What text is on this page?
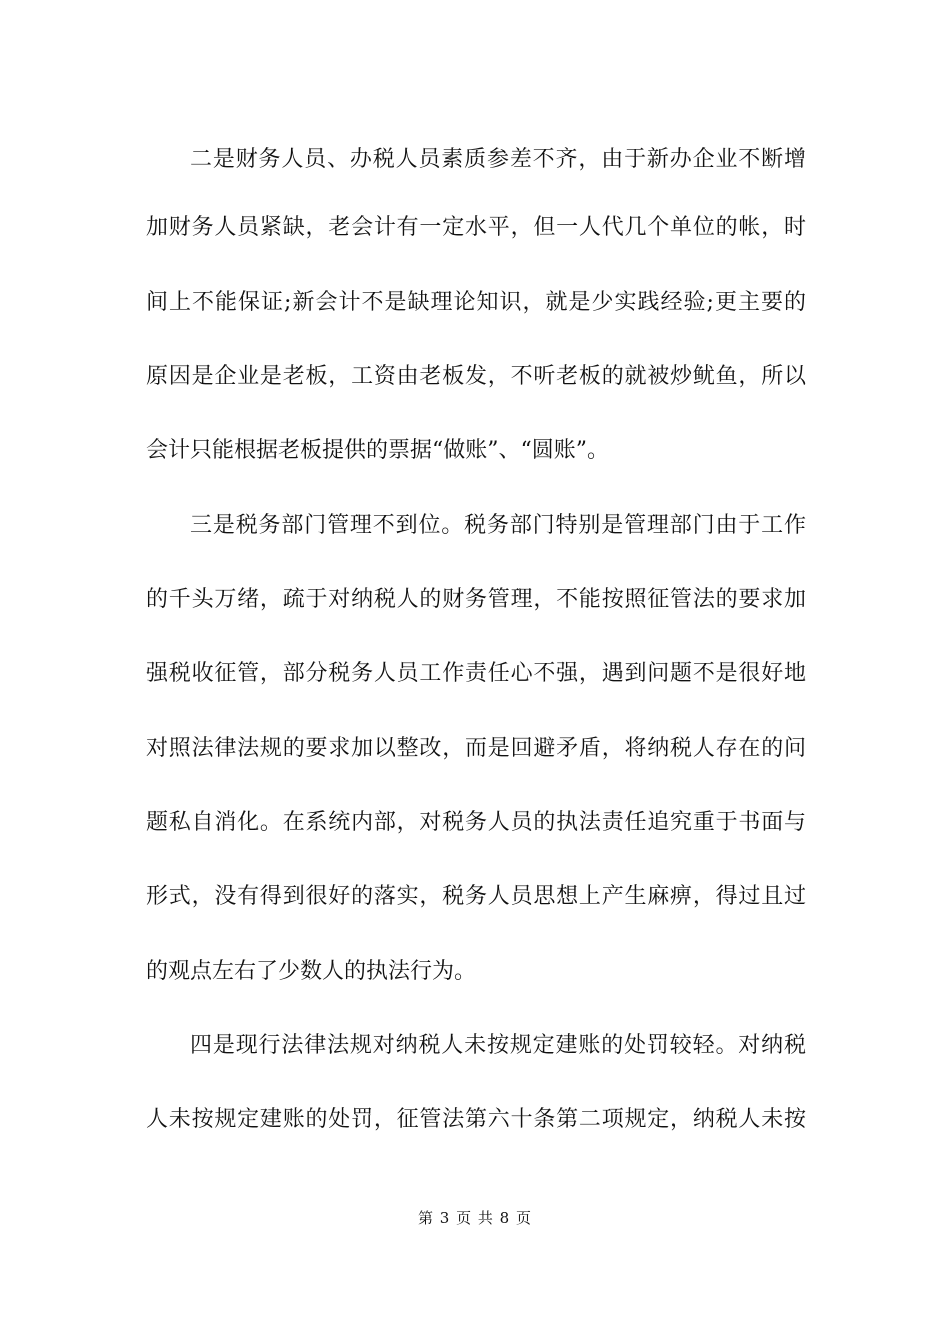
二是财务人员、办税人员素质参差不齐，由于新办企业不断增
加财务人员紧缺，老会计有一定水平，但一人代几个单位的帐，时
间上不能保证;新会计不是缺理论知识，就是少实践经验;更主要的
原因是企业是老板，工资由老板发，不听老板的就被炒鱿鱼，所以
会计只能根据老板提供的票据“做账”、“圆账”。
三是税务部门管理不到位。税务部门特别是管理部门由于工作
的千头万绪，疏于对纳税人的财务管理，不能按照征管法的要求加
强税收征管，部分税务人员工作责任心不强，遇到问题不是很好地
对照法律法规的要求加以整改，而是回避矛盾，将纳税人存在的问
题私自消化。在系统内部，对税务人员的执法责任追究重于书面与
形式，没有得到很好的落实，税务人员思想上产生麻痹，得过且过
的观点左右了少数人的执法行为。
四是现行法律法规对纳税人未按规定建账的处罚较轻。对纳税
人未按规定建账的处罚，征管法第六十条第二项规定，纳税人未按
第 3 页 共 8 页
